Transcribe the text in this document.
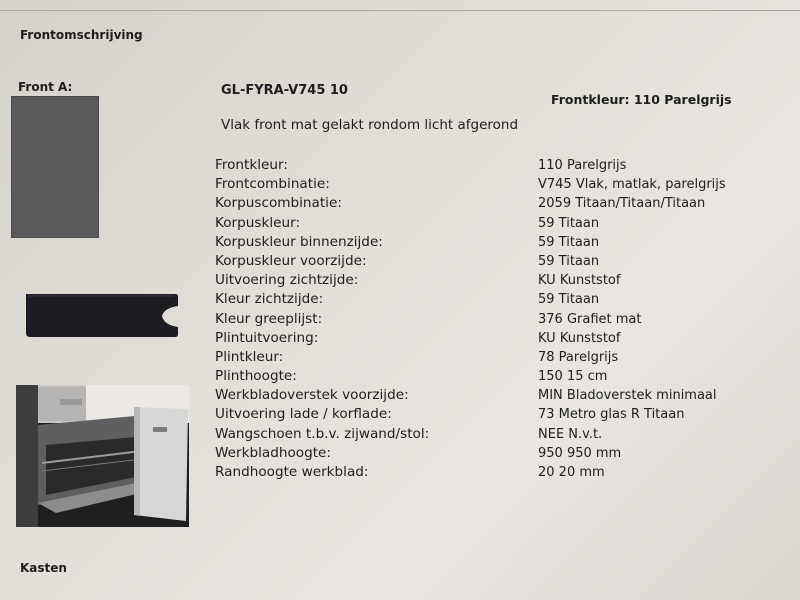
Frontomschrijving
Front A:	GL-FYRA-V745 10
Vlak front mat gelakt rondom licht afgerond
Frontkleur: 110 Parelgrijs
Frontkleur:	110 Parelgrijs
Frontcombinatie:	V745 Vlak, matlak, parelgrijs
Korpuscombinatie:	2059 Titaan/Titaan/Titaan
Korpuskleur:	59 Titaan
Korpuskleur binnenzijde:	59 Titaan
Korpuskleur voorzijde:	59 Titaan
Uitvoering zichtzijde:	KU Kunststof
Kleur zichtzijde:	59 Titaan
Kleur greeplijst:	376 Grafiet mat
Plintuitvoering:	KU Kunststof
Plintkleur:	78 Parelgrijs
Plinthoogte:	150 15 cm
Werkbladoverstek voorzijde:	MIN Bladoverstek minimaal
Uitvoering lade / korflade:	73 Metro glas R Titaan
Wangschoen t.b.v. zijwand/stol:	NEE N.v.t.
Werkbladhoogte:	950 950 mm
Randhoogte werkblad:	20 20 mm
Kasten
